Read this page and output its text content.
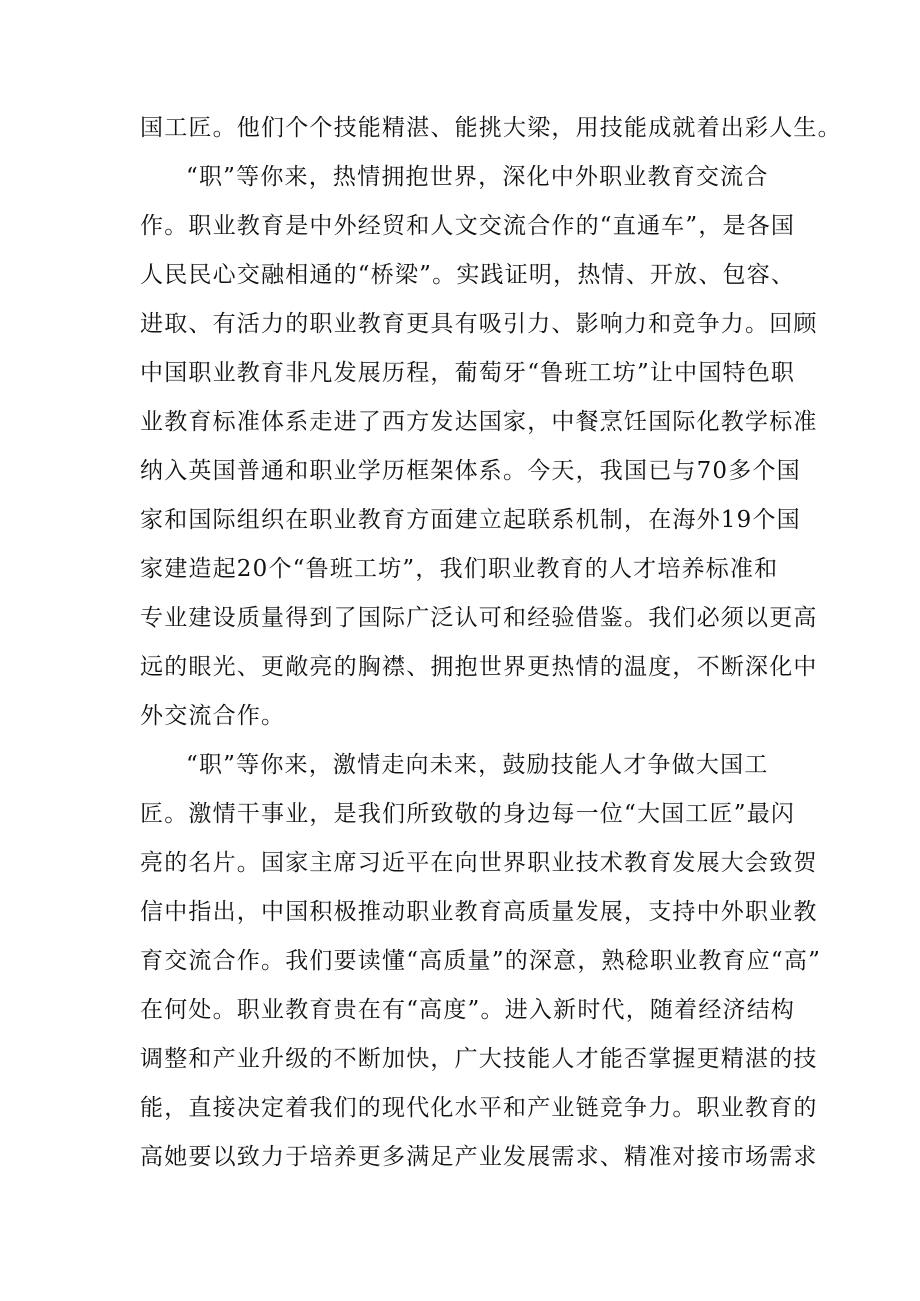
国工匠。他们个个技能精湛、能挑大梁，用技能成就着出彩人生。
“职”等你来，热情拥抱世界，深化中外职业教育交流合
作。职业教育是中外经贸和人文交流合作的“直通车”，是各国
人民民心交融相通的“桥梁”。实践证明，热情、开放、包容、
进取、有活力的职业教育更具有吸引力、影响力和竞争力。回顾
中国职业教育非凡发展历程，葡萄牙“鲁班工坊”让中国特色职
业教育标准体系走进了西方发达国家，中餐烹饪国际化教学标准
纳入英国普通和职业学历框架体系。今天，我国已与70多个国
家和国际组织在职业教育方面建立起联系机制，在海外19个国
家建造起20个“鲁班工坊”，我们职业教育的人才培养标准和
专业建设质量得到了国际广泛认可和经验借鉴。我们必须以更高
远的眼光、更敞亮的胸襟、拥抱世界更热情的温度，不断深化中
外交流合作。
“职”等你来，激情走向未来，鼓励技能人才争做大国工
匠。激情干事业，是我们所致敬的身边每一位“大国工匠”最闪
亮的名片。国家主席习近平在向世界职业技术教育发展大会致贺
信中指出，中国积极推动职业教育高质量发展，支持中外职业教
育交流合作。我们要读懂“高质量”的深意，熟稔职业教育应“高”
在何处。职业教育贵在有“高度”。进入新时代，随着经济结构
调整和产业升级的不断加快，广大技能人才能否掌握更精湛的技
能，直接决定着我们的现代化水平和产业链竞争力。职业教育的
高她要以致力于培养更多满足产业发展需求、精准对接市场需求
